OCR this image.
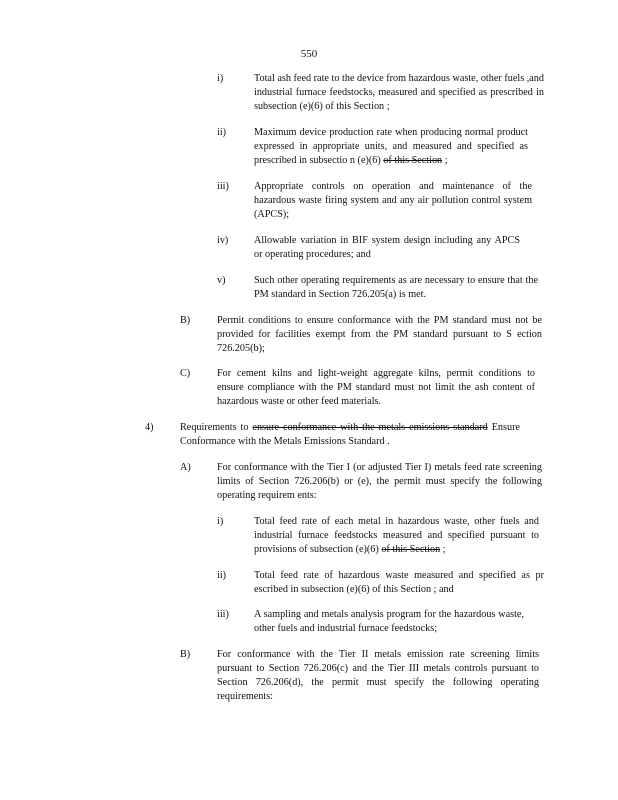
550
i)	Total ash feed rate to the device from hazardous waste, other fuels ,and industrial furnace feedstocks, measured and specified as prescribed in subsection (e)(6) of this Section ;
ii)	Maximum device production rate when producing normal product expressed in appropriate units, and measured and specified as prescribed in subsectio n (e)(6) of this Section ;
iii) Appropriate controls on operation and maintenance of the hazardous waste firing system and any air pollution control system (APCS);
iv)	Allowable variation in BIF system design including any APCS or operating procedures; and
v)	Such other operating requirements as are necessary to ensure that the PM standard in Section 726.205(a) is met.
B)	Permit conditions to ensure conformance with the PM standard must not be provided for facilities exempt from the PM standard pursuant to S ection 726.205(b);
C)	For cement kilns and light-weight aggregate kilns, permit conditions to ensure compliance with the PM standard must not limit the ash content of hazardous waste or other feed materials.
4)	Requirements to ensure conformance with the metals emissions standard Ensure Conformance with the Metals Emissions Standard .
A)	For conformance with the Tier I (or adjusted Tier I) metals feed rate screening limits of Section 726.206(b) or (e), the permit must specify the following operating requirem ents:
i)	Total feed rate of each metal in hazardous waste, other fuels and industrial furnace feedstocks measured and specified pursuant to provisions of subsection (e)(6) of this Section ;
ii)	Total feed rate of hazardous waste measured and specified as pr escribed in subsection (e)(6) of this Section ; and
iii) A sampling and metals analysis program for the hazardous waste, other fuels and industrial furnace feedstocks;
B)	For conformance with the Tier II metals emission rate screening limits pursuant to Section 726.206(c) and the Tier III metals controls pursuant to Section 726.206(d), the permit must specify the following operating requirements:
